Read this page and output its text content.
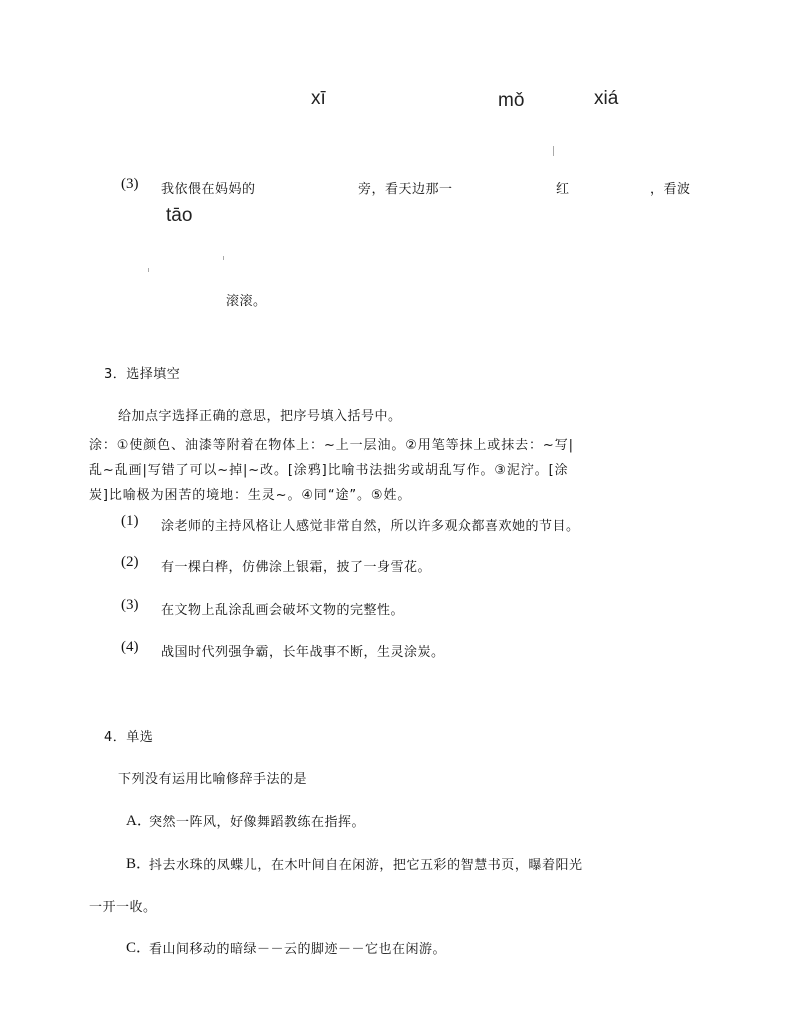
xī	mǒ	xiá
(3) 我依偎在妈妈的	旁，看天边那一	红	，看波
tāo
滚滚。
3．选择填空
给加点字选择正确的意思，把序号填入括号中。
涂：①使颜色、油漆等附着在物体上：~上一层油。②用笔等抹上或抹去：~写|
乱~乱画|写错了可以~掉|~改。[涂鸦]比喻书法拙劣或胡乱写作。③泥泞。[涂
炭]比喻极为困苦的境地：生灵~。④同“途”。⑤姓。
(1) 涂老师的主持风格让人感觉非常自然，所以许多观众都喜欢她的节目。
(2) 有一棵白桦，仿佛涂上银霜，披了一身雪花。
(3) 在文物上乱涂乱画会破坏文物的完整性。
(4) 战国时代列强争霸，长年战事不断，生灵涂炭。
4．单选
下列没有运用比喻修辞手法的是
A．
突然一阵风，好像舞蹈教练在指挥。
B．
抖去水珠的凤蝶儿，在木叶间自在闲游，把它五彩的智慧书页，曝着阳光
一开一收。
C．
看山间移动的暗绿－－云的脚迹－－它也在闲游。
